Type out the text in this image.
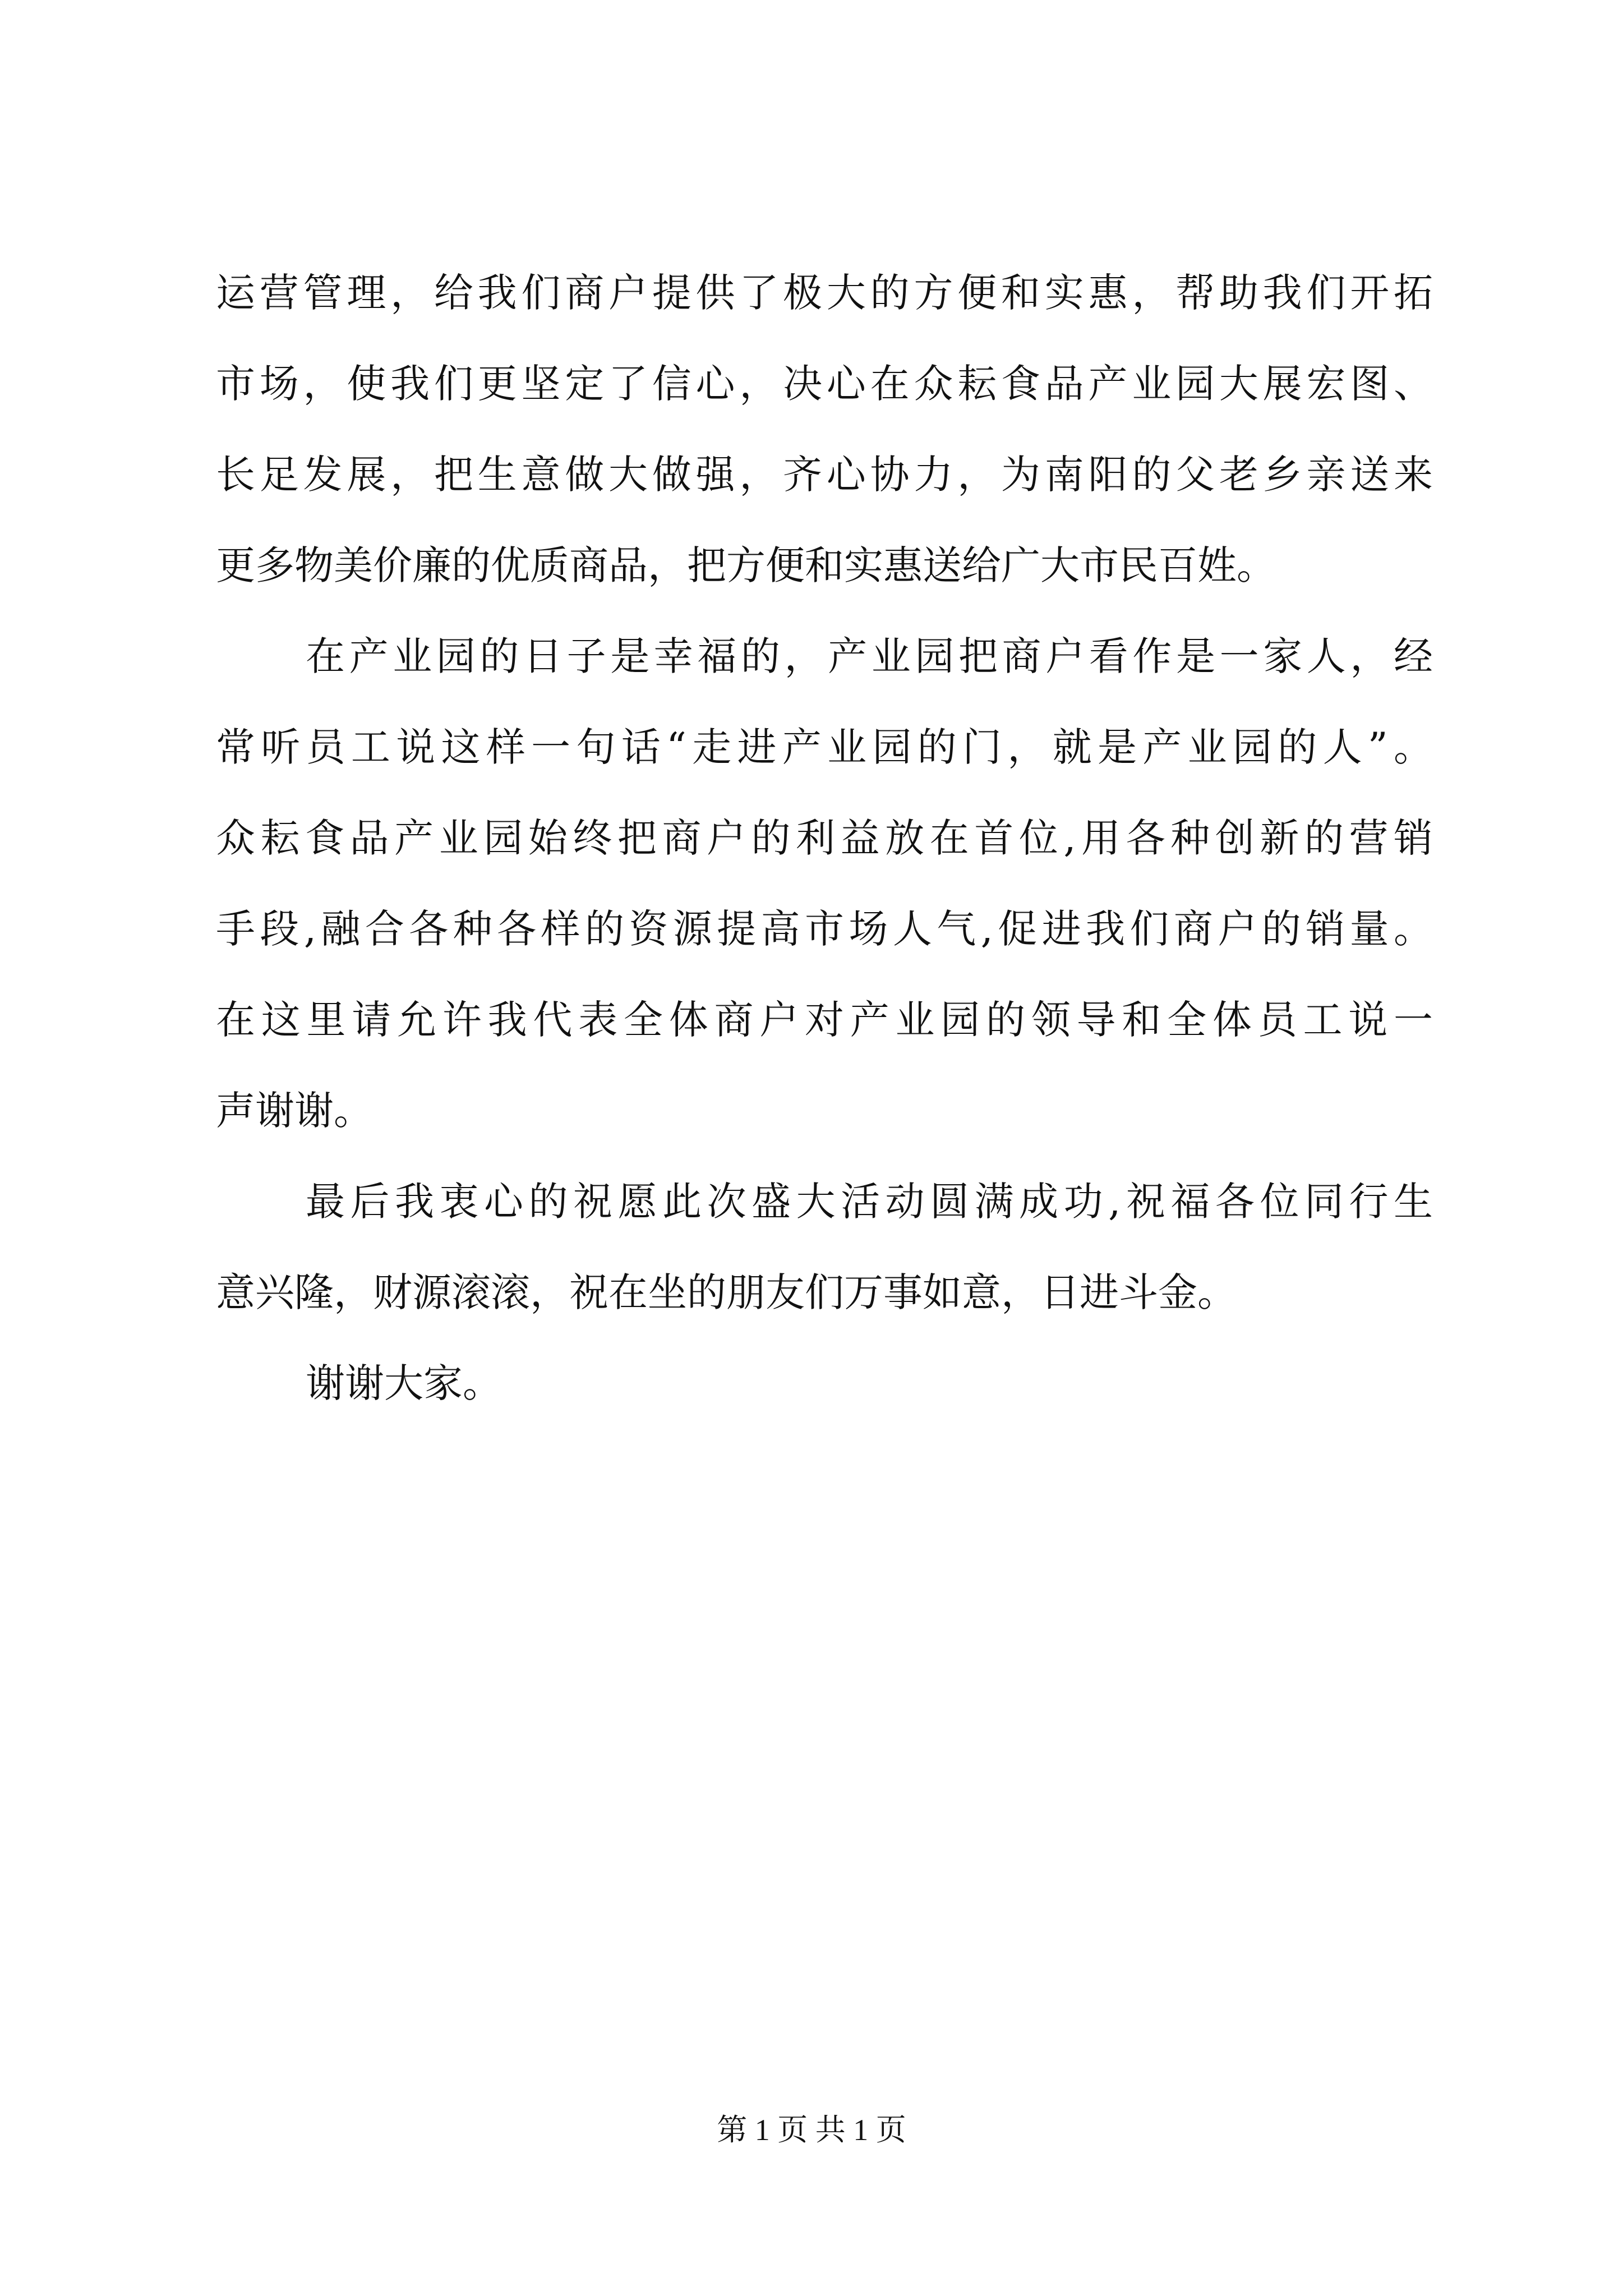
运营管理，给我们商户提供了极大的方便和实惠，帮助我们开拓
市场，使我们更坚定了信心，决心在众耘食品产业园大展宏图、
长足发展，把生意做大做强，齐心协力，为南阳的父老乡亲送来
更多物美价廉的优质商品，把方便和实惠送给广大市民百姓。
在产业园的日子是幸福的，产业园把商户看作是一家人，经
常听员工说这样一句话“走进产业园的门，就是产业园的人”。
众耘食品产业园始终把商户的利益放在首位,用各种创新的营销
手段,融合各种各样的资源提高市场人气,促进我们商户的销量。
在这里请允许我代表全体商户对产业园的领导和全体员工说一
声谢谢。
最后我衷心的祝愿此次盛大活动圆满成功,祝福各位同行生
意兴隆，财源滚滚，祝在坐的朋友们万事如意，日进斗金。
谢谢大家。
第 1 页 共 1 页
